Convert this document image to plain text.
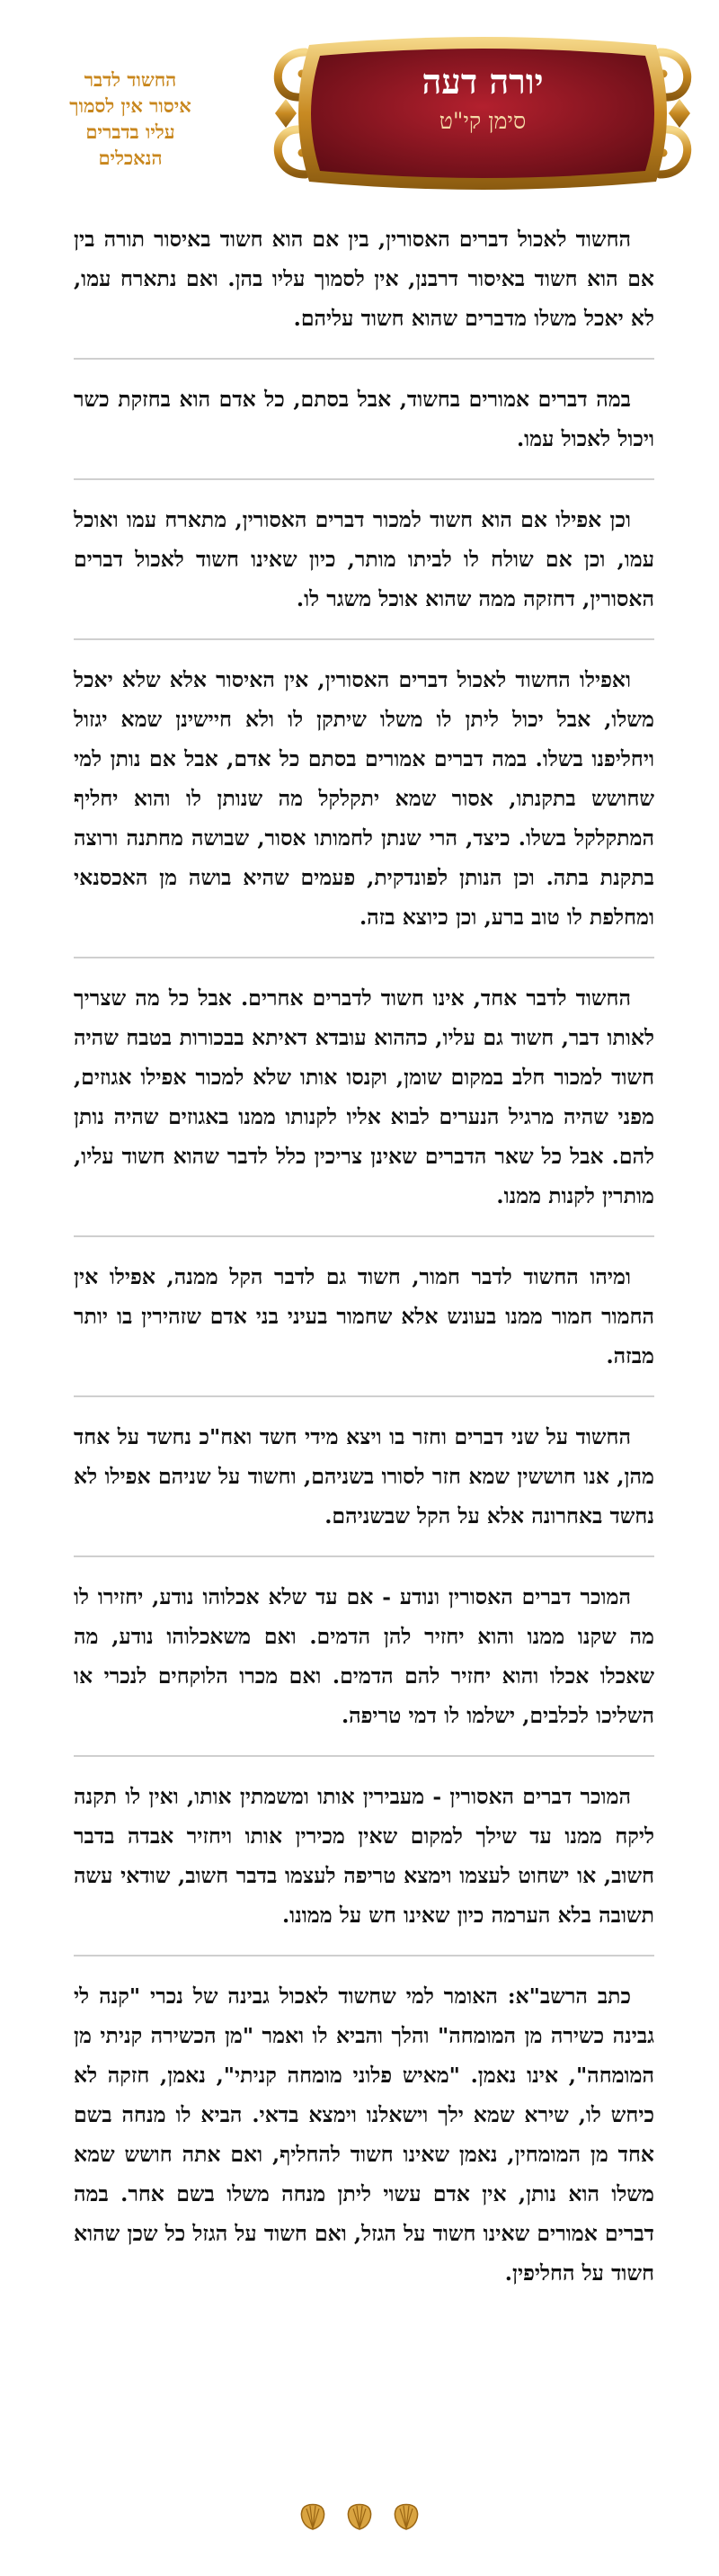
החשוד לדבר
איסור אין לסמוך
עליו בדברים
הנאכלים
יורה דעה
סימן קי"ט

החשוד לאכול דברים האסורין, בין אם הוא חשוד באיסור תורה בין אם הוא חשוד באיסור דרבנן, אין לסמוך עליו בהן. ואם נתארח עמו, לא יאכל משלו מדברים שהוא חשוד עליהם.

במה דברים אמורים בחשוד, אבל בסתם, כל אדם הוא בחזקת כשר ויכול לאכול עמו.

וכן אפילו אם הוא חשוד למכור דברים האסורין, מתארח עמו ואוכל עמו, וכן אם שולח לו לביתו מותר, כיון שאינו חשוד לאכול דברים האסורין, דחזקה ממה שהוא אוכל משגר לו.

ואפילו החשוד לאכול דברים האסורין, אין האיסור אלא שלא יאכל משלו, אבל יכול ליתן לו משלו שיתקן לו ולא חיישינן שמא יגזול ויחליפנו בשלו. במה דברים אמורים בסתם כל אדם, אבל אם נותן למי שחושש בתקנתו, אסור שמא יתקלקל מה שנותן לו והוא יחליף המתקלקל בשלו. כיצד, הרי שנתן לחמותו אסור, שבושה מחתנה ורוצה בתקנת בתה. וכן הנותן לפונדקית, פעמים שהיא בושה מן האכסנאי ומחלפת לו טוב ברע, וכן כיוצא בזה.

החשוד לדבר אחד, אינו חשוד לדברים אחרים. אבל כל מה שצריך לאותו דבר, חשוד גם עליו, כההוא עובדא דאיתא בבכורות בטבח שהיה חשוד למכור חלב במקום שומן, וקנסו אותו שלא למכור אפילו אגוזים, מפני שהיה מרגיל הנערים לבוא אליו לקנותו ממנו באגוזים שהיה נותן להם. אבל כל שאר הדברים שאינן צריכין כלל לדבר שהוא חשוד עליו, מותרין לקנות ממנו.

ומיהו החשוד לדבר חמור, חשוד גם לדבר הקל ממנה, אפילו אין החמור חמור ממנו בעונש אלא שחמור בעיני בני אדם שזהירין בו יותר מבזה.

החשוד על שני דברים וחזר בו ויצא מידי חשד ואח"כ נחשד על אחד מהן, אנו חוששין שמא חזר לסורו בשניהם, וחשוד על שניהם אפילו לא נחשד באחרונה אלא על הקל שבשניהם.

המוכר דברים האסורין ונודע - אם עד שלא אכלוהו נודע, יחזירו לו מה שקנו ממנו והוא יחזיר להן הדמים. ואם משאכלוהו נודע, מה שאכלו אכלו והוא יחזיר להם הדמים. ואם מכרו הלוקחים לנכרי או השליכו לכלבים, ישלמו לו דמי טריפה.

המוכר דברים האסורין - מעבירין אותו ומשמתין אותו, ואין לו תקנה ליקח ממנו עד שילך למקום שאין מכירין אותו ויחזיר אבדה בדבר חשוב, או ישחוט לעצמו וימצא טריפה לעצמו בדבר חשוב, שודאי עשה תשובה בלא הערמה כיון שאינו חש על ממונו.

כתב הרשב"א: האומר למי שחשוד לאכול גבינה של נכרי "קנה לי גבינה כשירה מן המומחה" והלך והביא לו ואמר "מן הכשירה קניתי מן המומחה", אינו נאמן. "מאיש פלוני מומחה קניתי", נאמן, חזקה לא כיחש לו, שירא שמא ילך וישאלנו וימצא בדאי. הביא לו מנחה בשם אחד מן המומחין, נאמן שאינו חשוד להחליף, ואם אתה חושש שמא משלו הוא נותן, אין אדם עשוי ליתן מנחה משלו בשם אחר. במה דברים אמורים שאינו חשוד על הגזל, ואם חשוד על הגזל כל שכן שהוא חשוד על החליפין.
